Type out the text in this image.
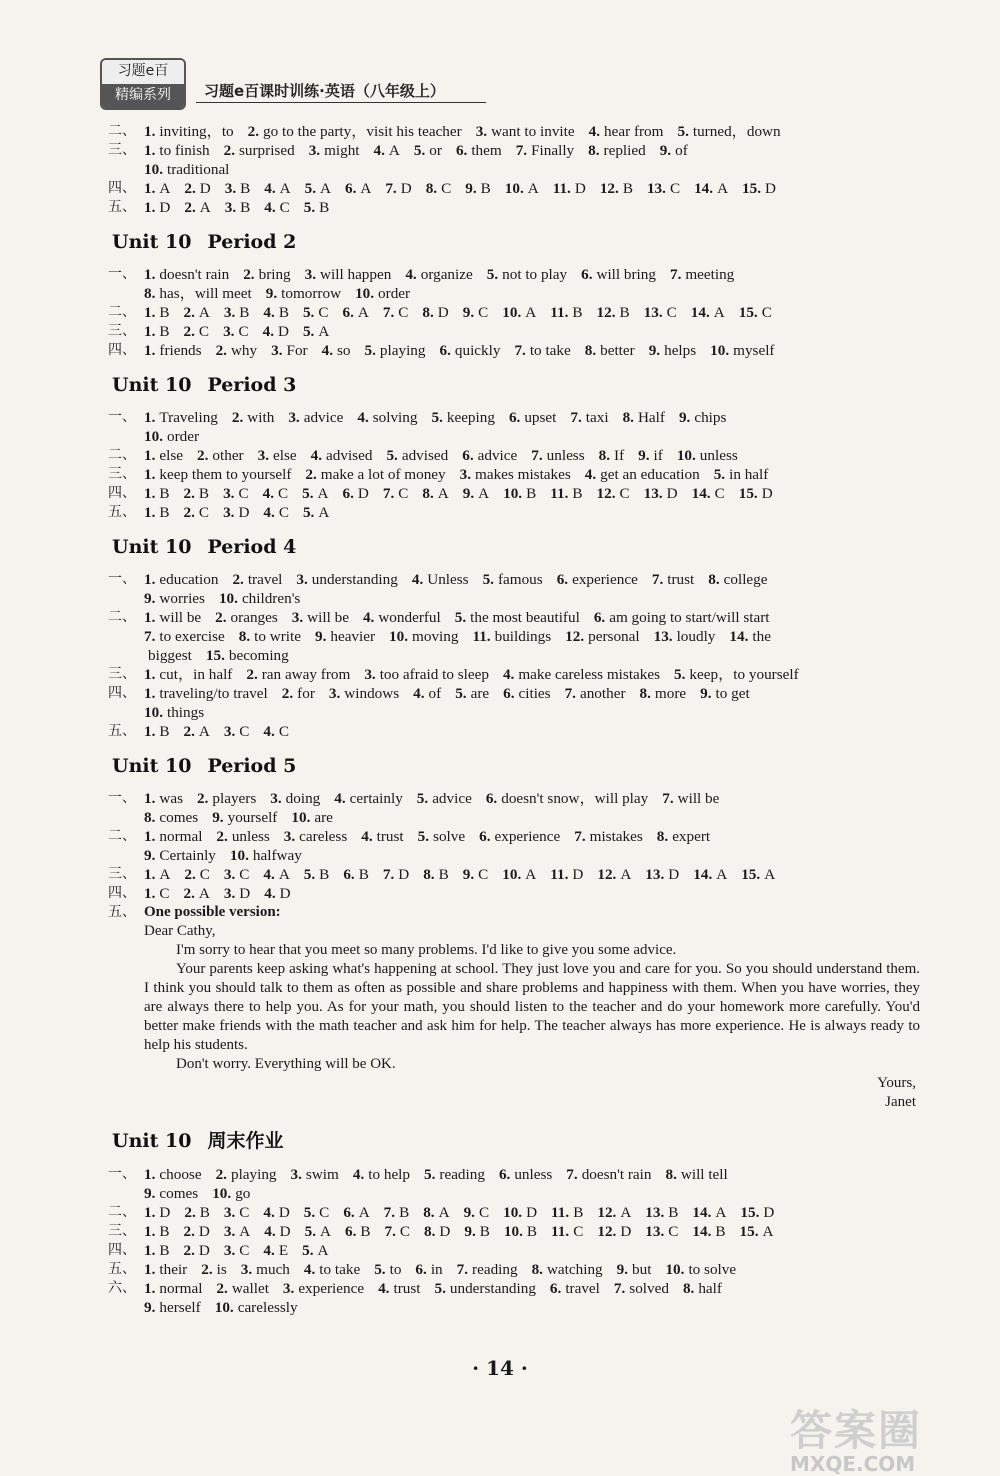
习题e百
精编系列	习题e百课时训练·英语（八年级上）
二、 1. inviting，to 2. go to the party，visit his teacher 3. want to invite 4. hear from 5. turned，down
三、 1. to finish 2. surprised 3. might 4. A 5. or 6. them 7. Finally 8. replied 9. of
10. traditional
四、 1. A 2. D 3. B 4. A 5. A 6. A 7. D 8. C 9. B 10. A 11. D 12. B 13. C 14. A 15. D
五、 1. D 2. A 3. B 4. C 5. B
Unit 10 Period 2
一、 1. doesn't rain 2. bring 3. will happen 4. organize 5. not to play 6. will bring 7. meeting
8. has，will meet 9. tomorrow 10. order
二、 1. B 2. A 3. B 4. B 5. C 6. A 7. C 8. D 9. C 10. A 11. B 12. B 13. C 14. A 15. C
三、 1. B 2. C 3. C 4. D 5. A
四、 1. friends 2. why 3. For 4. so 5. playing 6. quickly 7. to take 8. better 9. helps 10. myself
Unit 10 Period 3
一、 1. Traveling 2. with 3. advice 4. solving 5. keeping 6. upset 7. taxi 8. Half 9. chips
10. order
二、 1. else 2. other 3. else 4. advised 5. advised 6. advice 7. unless 8. If 9. if 10. unless
三、 1. keep them to yourself 2. make a lot of money 3. makes mistakes 4. get an education 5. in half
四、 1. B 2. B 3. C 4. C 5. A 6. D 7. C 8. A 9. A 10. B 11. B 12. C 13. D 14. C 15. D
五、 1. B 2. C 3. D 4. C 5. A
Unit 10 Period 4
一、 1. education 2. travel 3. understanding 4. Unless 5. famous 6. experience 7. trust 8. college
9. worries 10. children's
二、 1. will be 2. oranges 3. will be 4. wonderful 5. the most beautiful 6. am going to start/will start
7. to exercise 8. to write 9. heavier 10. moving 11. buildings 12. personal 13. loudly 14. the
biggest 15. becoming
三、 1. cut，in half 2. ran away from 3. too afraid to sleep 4. make careless mistakes 5. keep，to yourself
四、 1. traveling/to travel 2. for 3. windows 4. of 5. are 6. cities 7. another 8. more 9. to get
10. things
五、 1. B 2. A 3. C 4. C
Unit 10 Period 5
一、 1. was 2. players 3. doing 4. certainly 5. advice 6. doesn't snow，will play 7. will be
8. comes 9. yourself 10. are
二、 1. normal 2. unless 3. careless 4. trust 5. solve 6. experience 7. mistakes 8. expert
9. Certainly 10. halfway
三、 1. A 2. C 3. C 4. A 5. B 6. B 7. D 8. B 9. C 10. A 11. D 12. A 13. D 14. A 15. A
四、 1. C 2. A 3. D 4. D

五、 One possible version:

Dear Cathy,

I'm sorry to hear that you meet so many problems. I'd like to give you some advice.

Your parents keep asking what's happening at school. They just love you and care for you. So you should understand them. I think you should talk to them as often as possible and share problems and happiness with them. When you have worries, they are always there to help you. As for your math, you should listen to the teacher and do your homework more carefully. You'd better make friends with the math teacher and ask him for help. The teacher always has more experience. He is always ready to help his students.

Don't worry. Everything will be OK.

Yours,

Janet

Unit 10 周末作业
一、 1. choose 2. playing 3. swim 4. to help 5. reading 6. unless 7. doesn't rain 8. will tell
9. comes 10. go
二、 1. D 2. B 3. C 4. D 5. C 6. A 7. B 8. A 9. C 10. D 11. B 12. A 13. B 14. A 15. D
三、 1. B 2. D 3. A 4. D 5. A 6. B 7. C 8. D 9. B 10. B 11. C 12. D 13. C 14. B 15. A
四、 1. B 2. D 3. C 4. E 5. A
五、 1. their 2. is 3. much 4. to take 5. to 6. in 7. reading 8. watching 9. but 10. to solve
六、 1. normal 2. wallet 3. experience 4. trust 5. understanding 6. travel 7. solved 8. half
9. herself 10. carelessly
· 14 ·
答案圈
MXQE.COM
